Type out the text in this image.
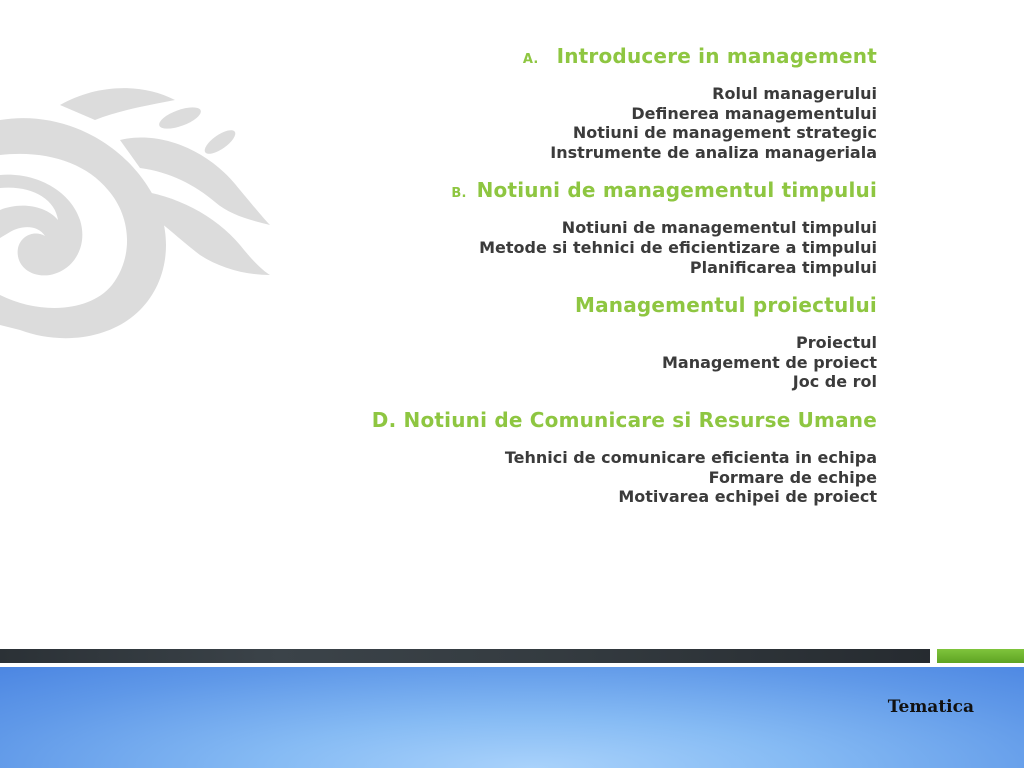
A. Introducere in management
Rolul managerului
Definerea managementului
Notiuni de management strategic
Instrumente de analiza manageriala
B. Notiuni de managementul timpului
Notiuni de managementul timpului
Metode si tehnici de eficientizare a timpului
Planificarea timpului
Managementul proiectului
Proiectul
Management de proiect
Joc de rol
D. Notiuni de Comunicare si Resurse Umane
Tehnici de comunicare eficienta in echipa
Formare de echipe
Motivarea echipei de proiect
Tematica
